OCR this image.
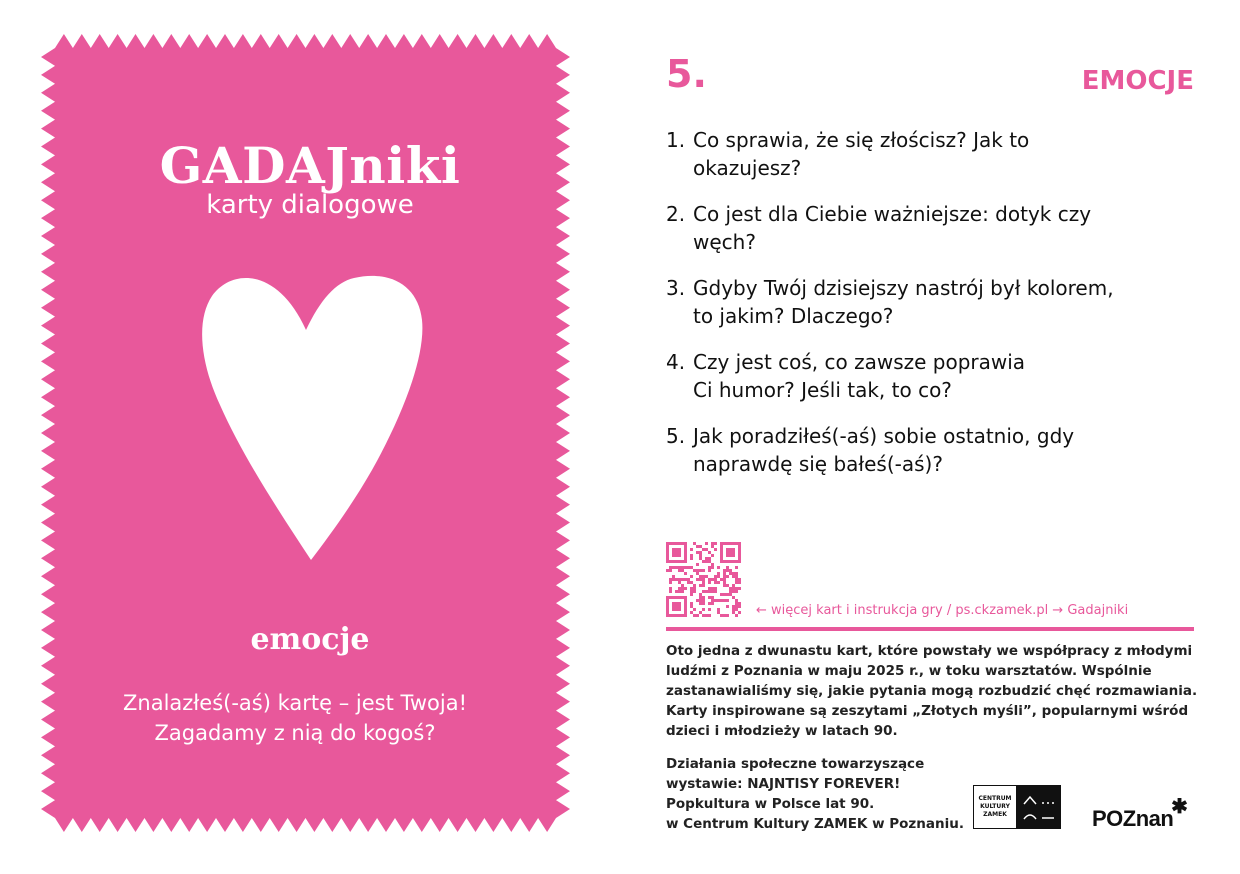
GADAJniki
karty dialogowe
emocje
Znalazłeś(-aś) kartę – jest Twoja!
Zagadamy z nią do kogoś?
5.	EMOCJE
1. Co sprawia, że się złościsz? Jak to
okazujesz?
2. Co jest dla Ciebie ważniejsze: dotyk czy
węch?
3. Gdyby Twój dzisiejszy nastrój był kolorem,
to jakim? Dlaczego?
4. Czy jest coś, co zawsze poprawia
Ci humor? Jeśli tak, to co?
5. Jak poradziłeś(-aś) sobie ostatnio, gdy
naprawdę się bałeś(-aś)?
← więcej kart i instrukcja gry / ps.ckzamek.pl → Gadajniki
Oto jedna z dwunastu kart, które powstały we współpracy z młodymi
ludźmi z Poznania w maju 2025 r., w toku warsztatów. Wspólnie
zastanawialiśmy się, jakie pytania mogą rozbudzić chęć rozmawiania.
Karty inspirowane są zeszytami „Złotych myśli”, popularnymi wśród
dzieci i młodzieży w latach 90.
Działania społeczne towarzyszące
wystawie: NAJNTISY FOREVER!
Popkultura w Polsce lat 90.
w Centrum Kultury ZAMEK w Poznaniu.
CENTRUM
KULTURY
ZAMEK	POZnan
✱
